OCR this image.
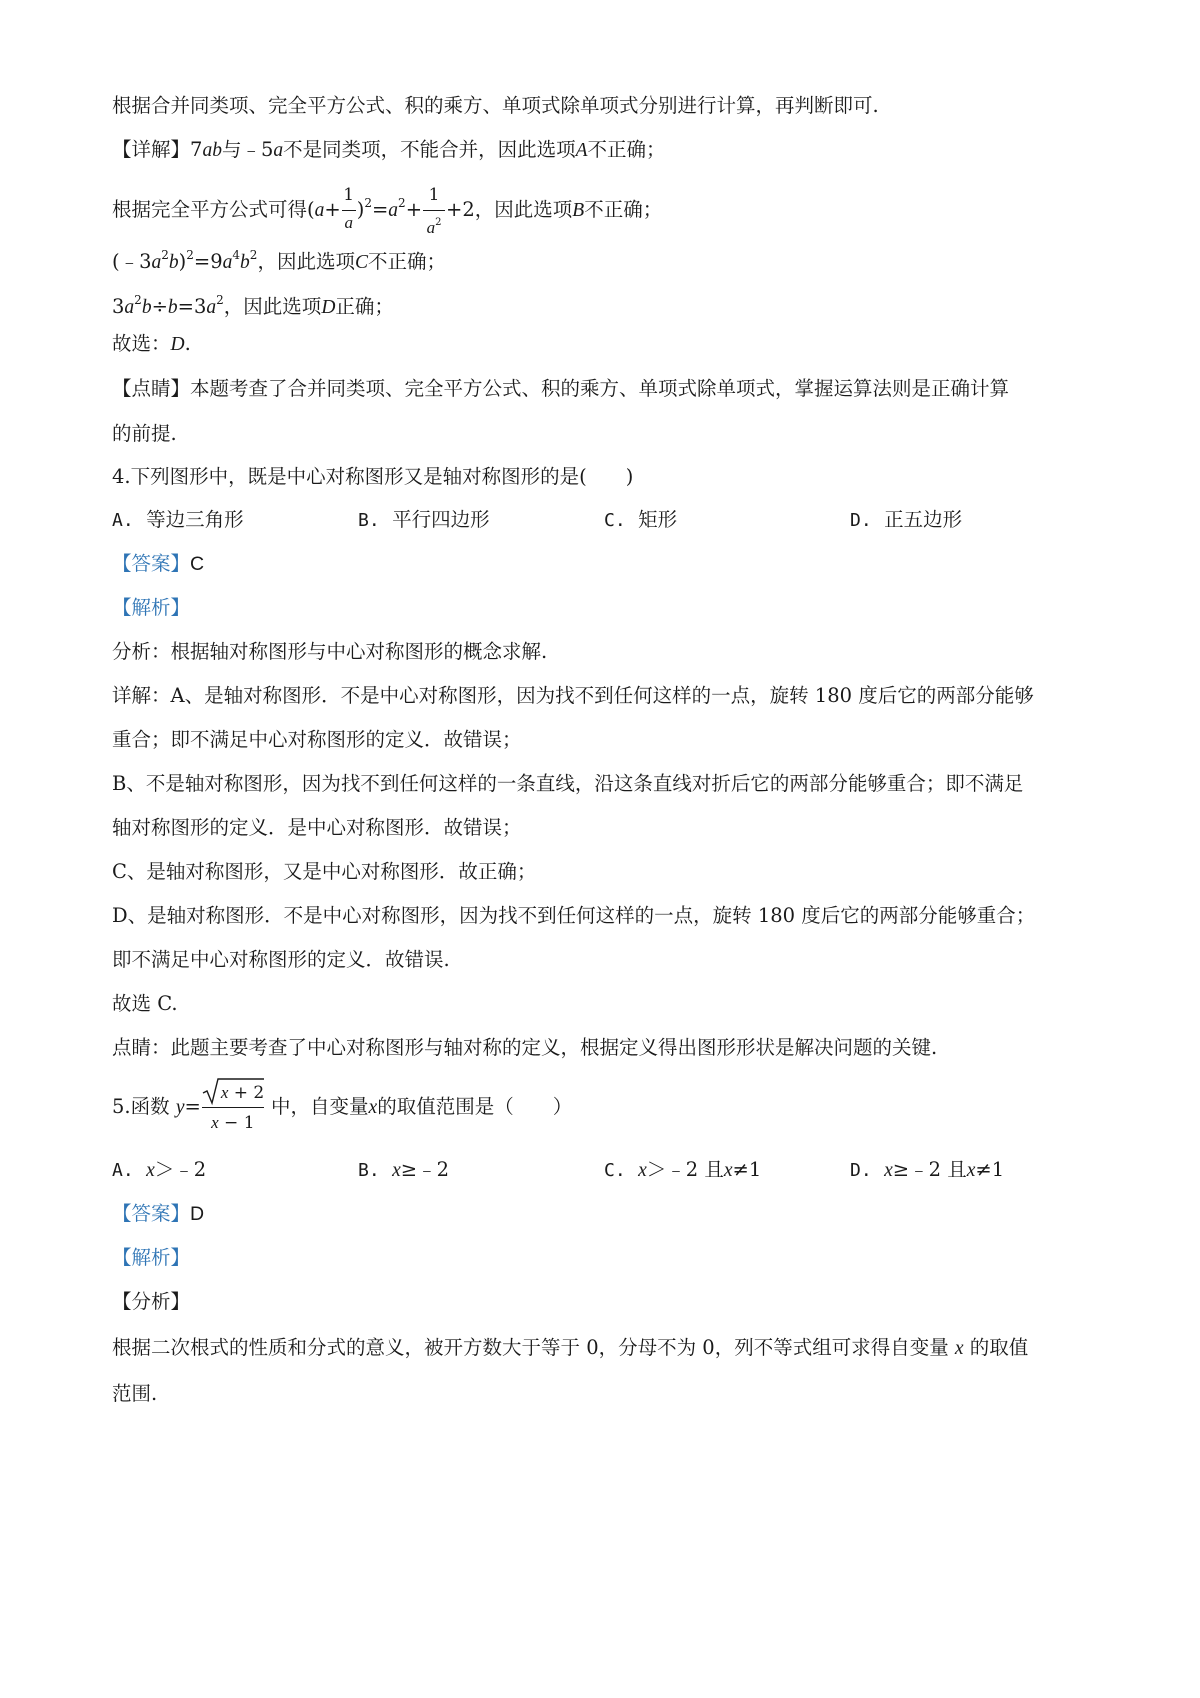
根据合并同类项、完全平方公式、积的乘方、单项式除单项式分别进行计算，再判断即可.
【详解】7ab与﹣5a不是同类项，不能合并，因此选项A不正确；
根据完全平方公式可得$(a+ \frac{1}{a} )^2=a^2+ \frac{1}{a^2} +2$，因此选项B不正确；
$(﹣3a^2b)^2=9a^4b^2$，因此选项C不正确；
$3a^2b\div b=3a^2$，因此选项D正确；
故选：D.
【点睛】本题考查了合并同类项、完全平方公式、积的乘方、单项式除单项式，掌握运算法则是正确计算
的前提.
4.下列图形中，既是中心对称图形又是轴对称图形的是(　　)
A. 等边三角形	B. 平行四边形	C. 矩形	D. 正五边形
【答案】C
【解析】
分析：根据轴对称图形与中心对称图形的概念求解.
详解：A、是轴对称图形．不是中心对称图形，因为找不到任何这样的一点，旋转 180 度后它的两部分能够
重合；即不满足中心对称图形的定义．故错误；
B、不是轴对称图形，因为找不到任何这样的一条直线，沿这条直线对折后它的两部分能够重合；即不满足
轴对称图形的定义．是中心对称图形．故错误；
C、是轴对称图形，又是中心对称图形．故正确；
D、是轴对称图形．不是中心对称图形，因为找不到任何这样的一点，旋转 180 度后它的两部分能够重合；
即不满足中心对称图形的定义．故错误.
故选 C.
点睛：此题主要考查了中心对称图形与轴对称的定义，根据定义得出图形形状是解决问题的关键.
5.函数 $y= \frac{x + 2}{x - 1}$ 中，自变量x的取值范围是（　　）
A. x＞﹣2	B. x≥﹣2	C. x＞﹣2 且x≠1	D. x≥﹣2 且x≠1
【答案】D
【解析】
【分析】
根据二次根式的性质和分式的意义，被开方数大于等于 0，分母不为 0，列不等式组可求得自变量 x 的取值
范围.
